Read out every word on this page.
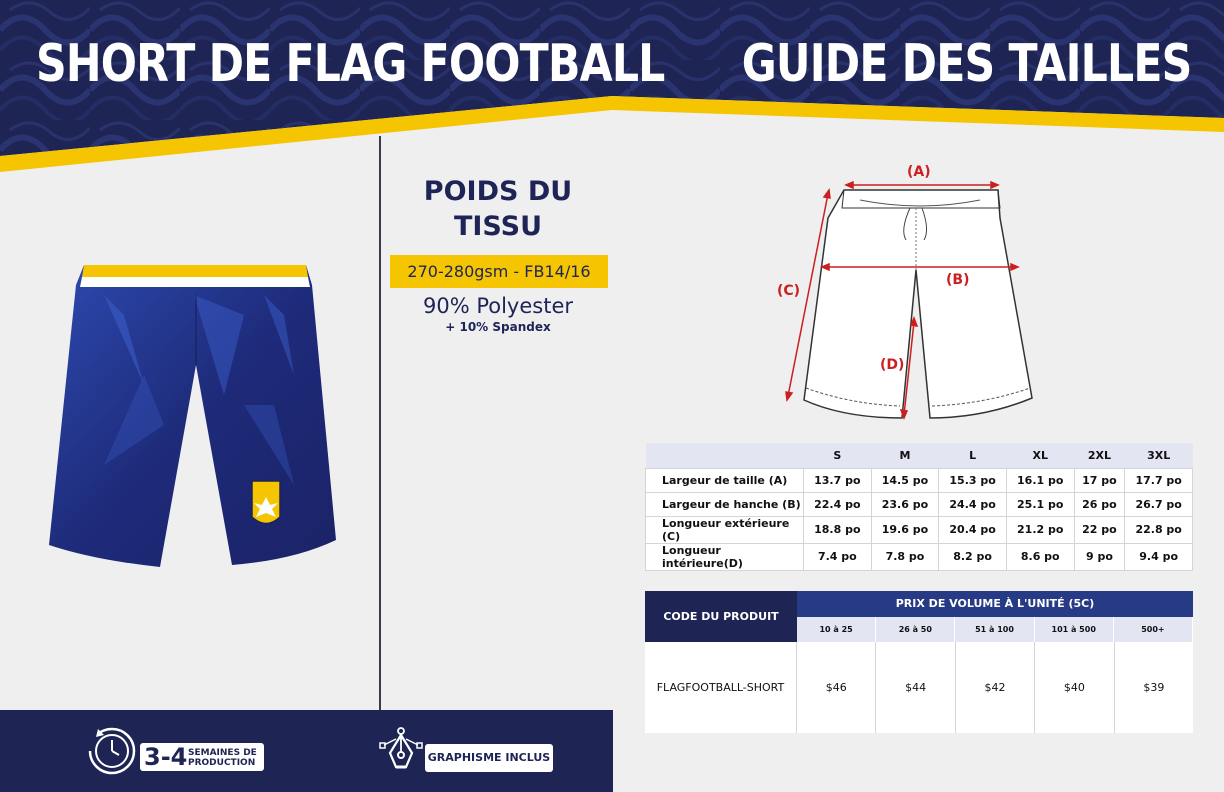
SHORT DE FLAG FOOTBALL GUIDE DES TAILLES
POIDS DU TISSU
270-280gsm - FB14/16
90% Polyester
+ 10% Spandex
(A)
(B)
(C)
(D)
	S	M	L	XL	2XL	3XL
Largeur de taille (A)	13.7 po	14.5 po	15.3 po	16.1 po	17 po	17.7 po
Largeur de hanche (B)	22.4 po	23.6 po	24.4 po	25.1 po	26 po	26.7 po
Longueur extérieure (C)	18.8 po	19.6 po	20.4 po	21.2 po	22 po	22.8 po
Longueur intérieure(D)	7.4 po	7.8 po	8.2 po	8.6 po	9 po	9.4 po
CODE DU PRODUIT
PRIX DE VOLUME À L'UNITÉ (5C)
10 à 25	26 à 50	51 à 100	101 à 500	500+
FLAGFOOTBALL-SHORT	$46	$44	$42	$40	$39
3-4 SEMAINES DE
PRODUCTION	GRAPHISME INCLUS
